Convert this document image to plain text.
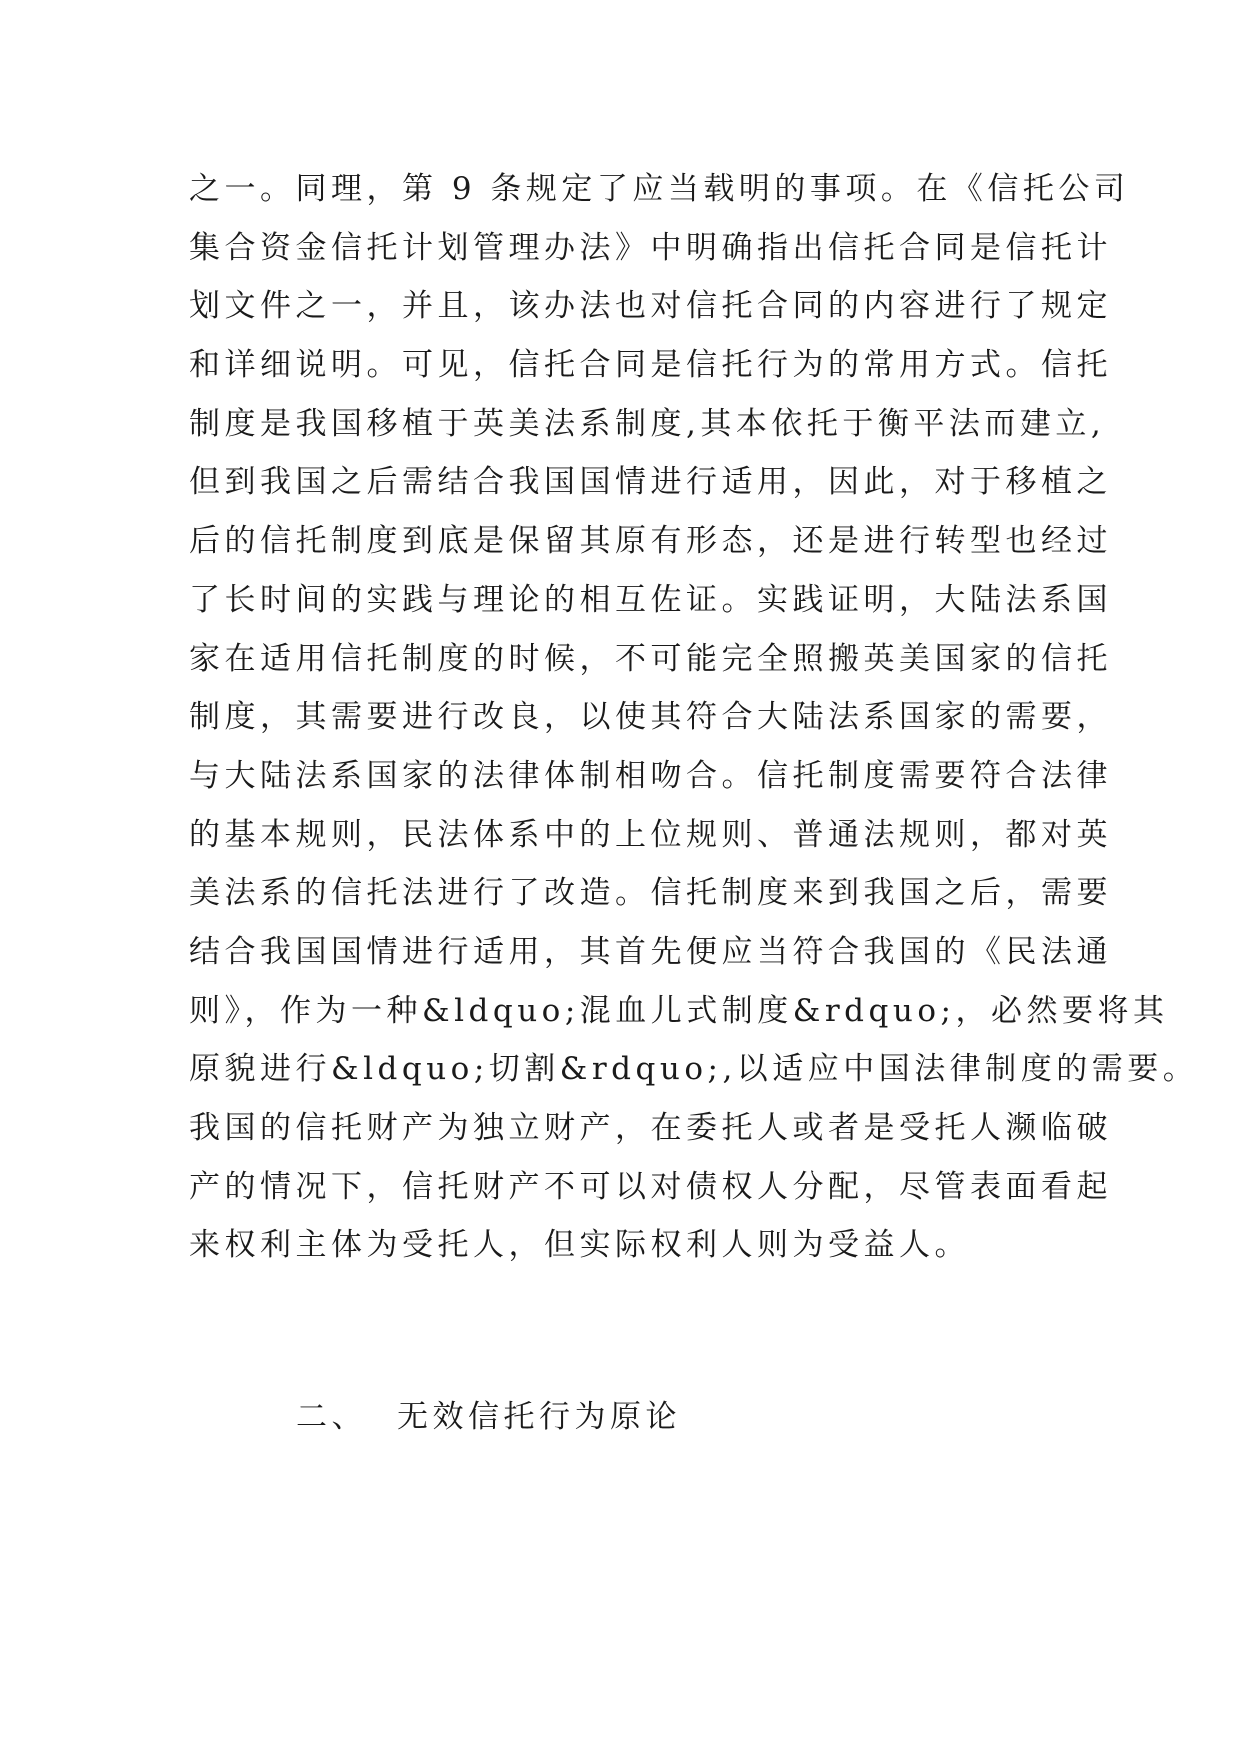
之一。同理，第 9 条规定了应当载明的事项。在《信托公司
集合资金信托计划管理办法》中明确指出信托合同是信托计
划文件之一，并且，该办法也对信托合同的内容进行了规定
和详细说明。可见，信托合同是信托行为的常用方式。信托
制度是我国移植于英美法系制度,其本依托于衡平法而建立,
但到我国之后需结合我国国情进行适用，因此，对于移植之
后的信托制度到底是保留其原有形态，还是进行转型也经过
了长时间的实践与理论的相互佐证。实践证明，大陆法系国
家在适用信托制度的时候，不可能完全照搬英美国家的信托
制度，其需要进行改良，以使其符合大陆法系国家的需要，
与大陆法系国家的法律体制相吻合。信托制度需要符合法律
的基本规则，民法体系中的上位规则、普通法规则，都对英
美法系的信托法进行了改造。信托制度来到我国之后，需要
结合我国国情进行适用，其首先便应当符合我国的《民法通
则》，作为一种&ldquo;混血儿式制度&rdquo;，必然要将其
原貌进行&ldquo;切割&rdquo;,以适应中国法律制度的需要。
我国的信托财产为独立财产，在委托人或者是受托人濒临破
产的情况下，信托财产不可以对债权人分配，尽管表面看起
来权利主体为受托人，但实际权利人则为受益人。
二、 无效信托行为原论
